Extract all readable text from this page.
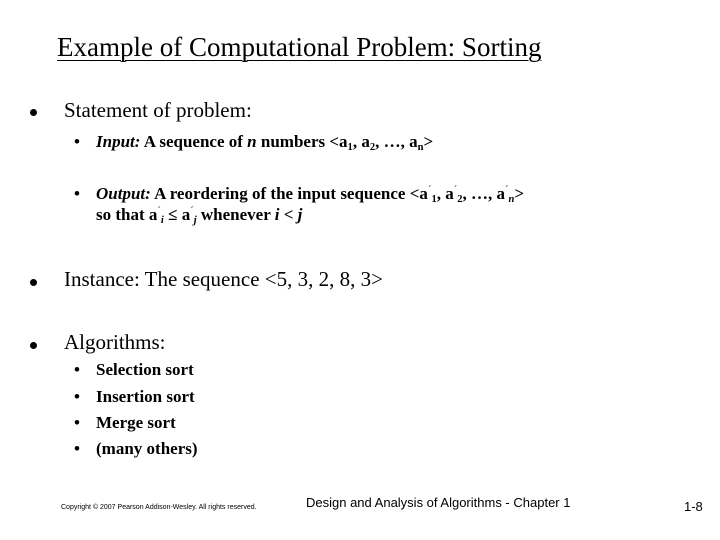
Example of Computational Problem: Sorting
Statement of problem:
• Input: A sequence of n numbers $<a_1$, $a_2$, …, $a_n>$
• Output: A reordering of the input sequence $<a^´_1$, $a^´_2$, …, $a^´_n>$
so that $a^´_i \le a^´_j$ whenever i < j
Instance: The sequence <5, 3, 2, 8, 3>
Algorithms:
• Selection sort
• Insertion sort
• Merge sort
• (many others)
Copyright © 2007 Pearson Addison-Wesley. All rights reserved.	Design and Analysis of Algorithms - Chapter 1	1-8
